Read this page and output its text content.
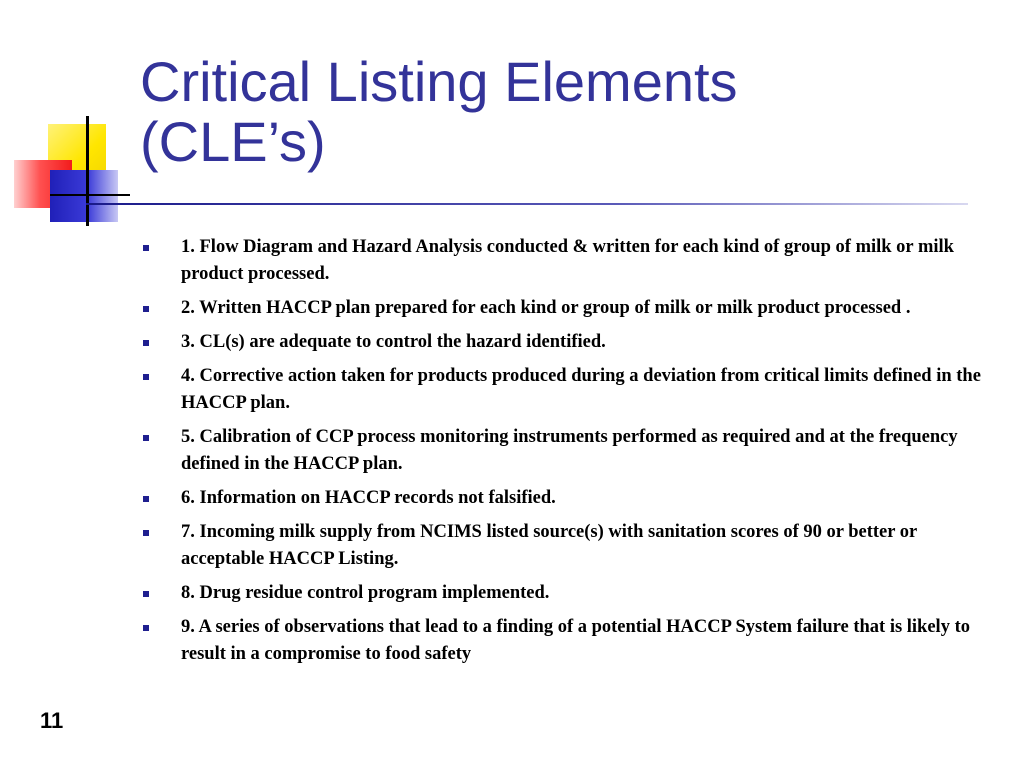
Critical Listing Elements
(CLE’s)
1. Flow Diagram and Hazard Analysis conducted & written for each kind of group of milk or milk product processed.
2. Written HACCP plan prepared for each kind or group of milk or milk product processed .
3. CL(s) are adequate to control the hazard identified.
4. Corrective action taken for products produced during a deviation from critical limits defined in the HACCP plan.
5. Calibration of CCP process monitoring instruments performed as required and at the frequency defined in the HACCP plan.
6. Information on HACCP records not falsified.
7. Incoming milk supply from NCIMS listed source(s) with sanitation scores of 90 or better or acceptable HACCP Listing.
8. Drug residue control program implemented.
9. A series of observations that lead to a finding of a potential HACCP System failure that is likely to result in a compromise to food safety
11
